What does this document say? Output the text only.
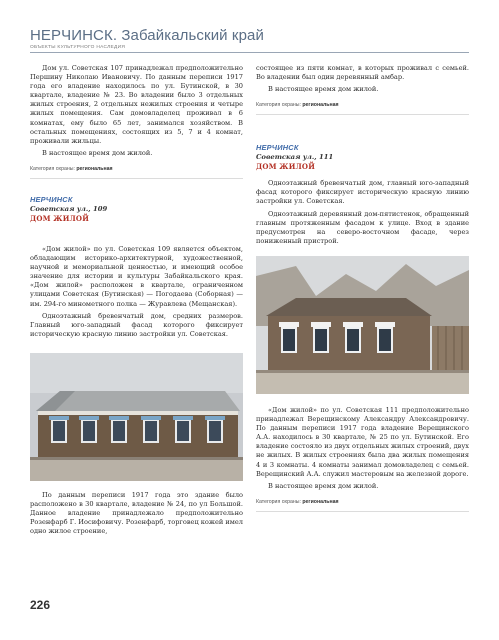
НЕРЧИНСК. Забайкальский край
ОБЪЕКТЫ КУЛЬТУРНОГО НАСЛЕДИЯ

Дом ул. Советская 107 принадлежал предположительно Першину Николаю Ивановичу. По данным переписи 1917 года его владение находилось по ул. Бутинской, в 30 квартале, владение № 23. Во владении было 3 отдельных жилых строения, 2 отдельных нежилых строения и четыре жилых помещения. Сам домовладелец проживал в 6 комнатах, ему было 65 лет, занимался хозяйством. В остальных помещениях, состоящих из 5, 7 и 4 комнат, проживали жильцы.

В настоящее время дом жилой.

Категория охраны: региональная
НЕРЧИНСК
Советская ул., 109
ДОМ ЖИЛОЙ

«Дом жилой» по ул. Советская 109 является объектом, обладающим историко-архитектурной, художественной, научной и мемориальной ценностью, и имеющий особое значение для истории и культуры Забайкальского края. «Дом жилой» расположен в квартале, ограниченном улицами Советская (Бутинская) — Погодаева (Соборная) — им. 294-го минометного полка — Журавлева (Мещанская).

Одноэтажный бревенчатый дом, средних размеров. Главный юго-западный фасад которого фиксирует историческую красную линию застройки ул. Советская.

По данным переписи 1917 года это здание было расположено в 30 квартале, владение № 24, по ул Большой. Данное владение принадлежало предположительно Розенфарб Г. Иосифовичу. Розенфарб, торговец кожей имел одно жилое строение,

состоящее из пяти комнат, в которых проживал с семьей. Во владении был один деревянный амбар.

В настоящее время дом жилой.

Категория охраны: региональная
НЕРЧИНСК
Советская ул., 111
ДОМ ЖИЛОЙ

Одноэтажный бревенчатый дом, главный юго-западный фасад которого фиксирует историческую красную линию застройки ул. Советская.

Одноэтажный деревянный дом-пятистенок, обращенный главным протяженным фасадом к улице. Вход в здание предусмотрен на северо-восточном фасаде, через пониженный пристрой.

«Дом жилой» по ул. Советская 111 предположительно принадлежал Верещинскому Александру Александровичу. По данным переписи 1917 года владение Верещинского А.А. находилось в 30 квартале, № 25 по ул. Бутинской. Его владение состояло из двух отдельных жилых строений, двух не жилых. В жилых строениях была два жилых помещения 4 и 3 комнаты. 4 комнаты занимал домовладелец с семьей. Верещинский А.А. служил мастеровым на железной дороге.

В настоящее время дом жилой.

Категория охраны: региональная
226
